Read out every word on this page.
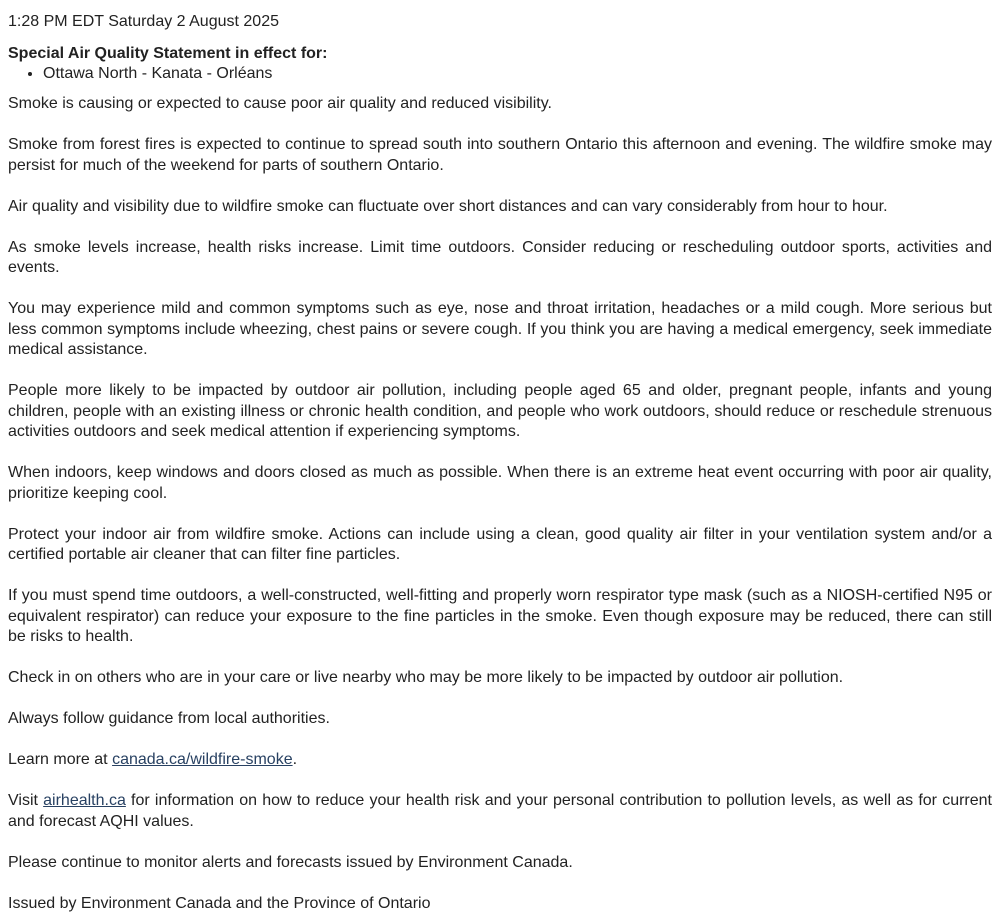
1:28 PM EDT Saturday 2 August 2025
Special Air Quality Statement in effect for:
• Ottawa North - Kanata - Orléans

Smoke is causing or expected to cause poor air quality and reduced visibility.

Smoke from forest fires is expected to continue to spread south into southern Ontario this afternoon and evening. The wildfire smoke may persist for much of the weekend for parts of southern Ontario.

Air quality and visibility due to wildfire smoke can fluctuate over short distances and can vary considerably from hour to hour.

As smoke levels increase, health risks increase. Limit time outdoors. Consider reducing or rescheduling outdoor sports, activities and events.

You may experience mild and common symptoms such as eye, nose and throat irritation, headaches or a mild cough. More serious but less common symptoms include wheezing, chest pains or severe cough. If you think you are having a medical emergency, seek immediate medical assistance.

People more likely to be impacted by outdoor air pollution, including people aged 65 and older, pregnant people, infants and young children, people with an existing illness or chronic health condition, and people who work outdoors, should reduce or reschedule strenuous activities outdoors and seek medical attention if experiencing symptoms.

When indoors, keep windows and doors closed as much as possible. When there is an extreme heat event occurring with poor air quality, prioritize keeping cool.

Protect your indoor air from wildfire smoke. Actions can include using a clean, good quality air filter in your ventilation system and/or a certified portable air cleaner that can filter fine particles.

If you must spend time outdoors, a well-constructed, well-fitting and properly worn respirator type mask (such as a NIOSH-certified N95 or equivalent respirator) can reduce your exposure to the fine particles in the smoke. Even though exposure may be reduced, there can still be risks to health.

Check in on others who are in your care or live nearby who may be more likely to be impacted by outdoor air pollution.

Always follow guidance from local authorities.

Learn more at canada.ca/wildfire-smoke.

Visit airhealth.ca for information on how to reduce your health risk and your personal contribution to pollution levels, as well as for current and forecast AQHI values.

Please continue to monitor alerts and forecasts issued by Environment Canada.

Issued by Environment Canada and the Province of Ontario
